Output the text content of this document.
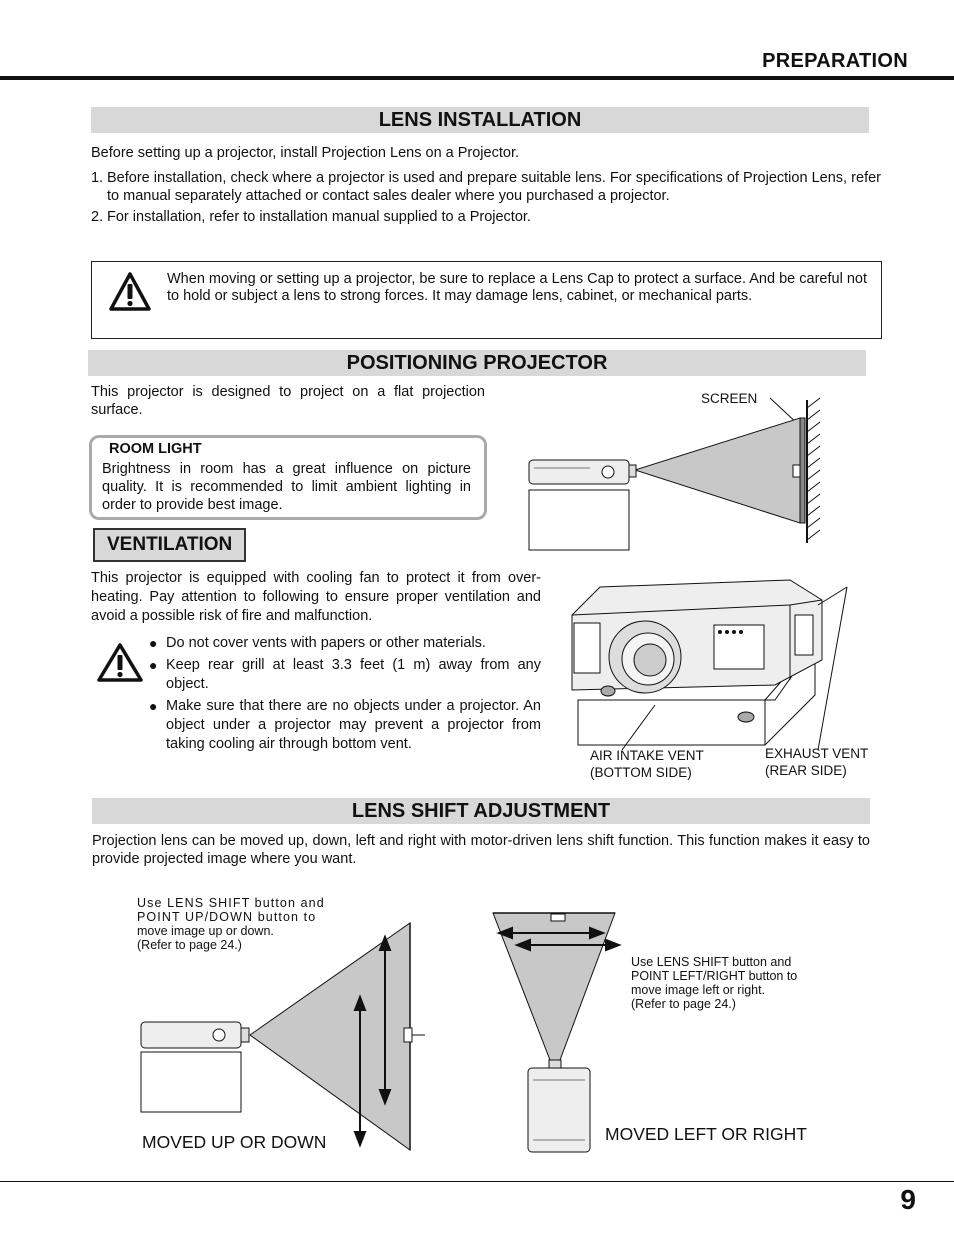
PREPARATION
LENS INSTALLATION

Before setting up a projector, install Projection Lens on a Projector.

1. Before installation, check where a projector is used and prepare suitable lens. For specifications of Projection Lens, refer to manual separately attached or contact sales dealer where you purchased a projector.
2. For installation, refer to installation manual supplied to a Projector.

When moving or setting up a projector, be sure to replace a Lens Cap to protect a surface. And be careful not to hold or subject a lens to strong forces. It may damage lens, cabinet, or mechanical parts.

POSITIONING PROJECTOR

This projector is designed to project on a flat projection surface.

ROOM LIGHT

Brightness in room has a great influence on picture quality. It is recommended to limit ambient lighting in order to provide best image.

SCREEN
VENTILATION

This projector is equipped with cooling fan to protect it from over-heating. Pay attention to following to ensure proper ventilation and avoid a possible risk of fire and malfunction.

● Do not cover vents with papers or other materials.
● Keep rear grill at least 3.3 feet (1 m) away from any object.
● Make sure that there are no objects under a projector. An object under a projector may prevent a projector from taking cooling air through bottom vent.
AIR INTAKE VENT
(BOTTOM SIDE)
EXHAUST VENT
(REAR SIDE)
LENS SHIFT ADJUSTMENT

Projection lens can be moved up, down, left and right with motor-driven lens shift function. This function makes it easy to provide projected image where you want.

Use LENS SHIFT button and
POINT UP/DOWN button to
move image up or down.
(Refer to page 24.)
MOVED UP OR DOWN
Use LENS SHIFT button and
POINT LEFT/RIGHT button to
move image left or right.
(Refer to page 24.)
MOVED LEFT OR RIGHT
9
